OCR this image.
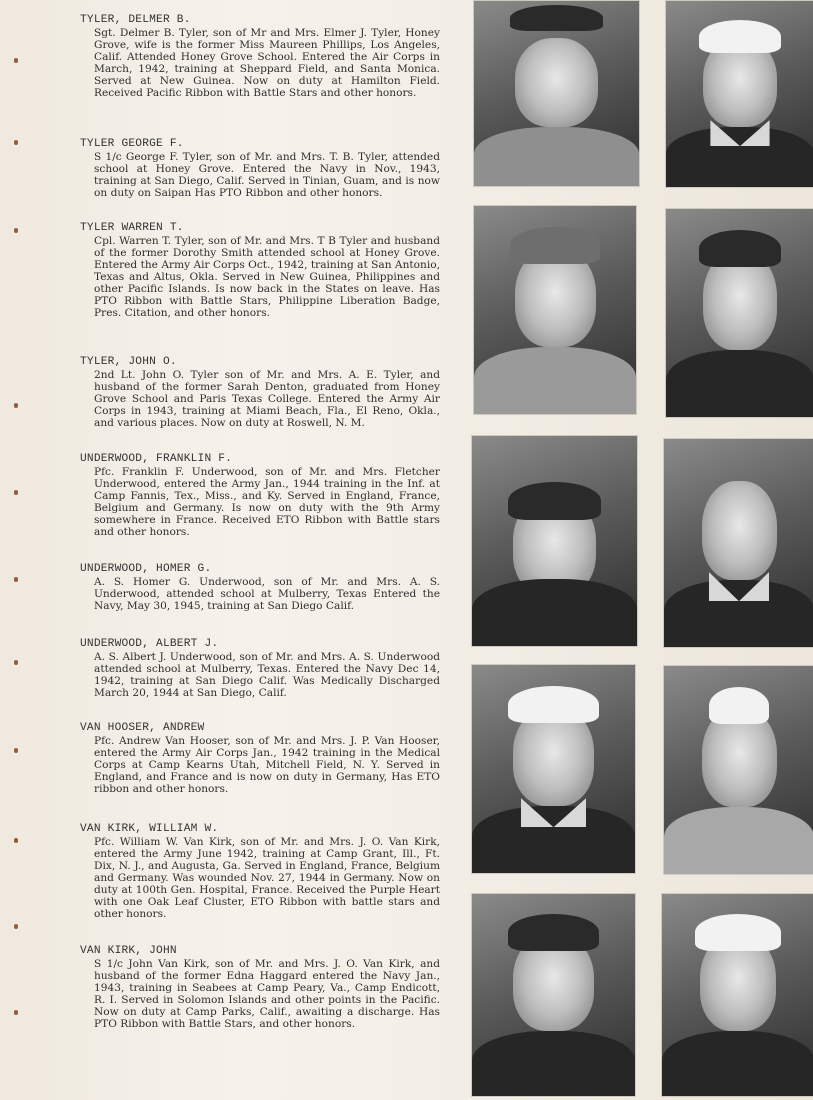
TYLER, DELMER B.
Sgt. Delmer B. Tyler, son of Mr and Mrs. Elmer J. Tyler, Honey Grove, wife is the former Miss Maureen Phillips, Los Angeles, Calif. Attended Honey Grove School. Entered the Air Corps in March, 1942, training at Sheppard Field, and Santa Monica. Served at New Guinea. Now on duty at Hamilton Field. Received Pacific Ribbon with Battle Stars and other honors.
TYLER GEORGE F.
S 1/c George F. Tyler, son of Mr. and Mrs. T. B. Tyler, attended school at Honey Grove. Entered the Navy in Nov., 1943, training at San Diego, Calif. Served in Tinian, Guam, and is now on duty on Saipan Has PTO Ribbon and other honors.
TYLER WARREN T.
Cpl. Warren T. Tyler, son of Mr. and Mrs. T B Tyler and husband of the former Dorothy Smith attended school at Honey Grove. Entered the Army Air Corps Oct., 1942, training at San Antonio, Texas and Altus, Okla. Served in New Guinea, Philippines and other Pacific Islands. Is now back in the States on leave. Has PTO Ribbon with Battle Stars, Philippine Liberation Badge, Pres. Citation, and other honors.
TYLER, JOHN O.
2nd Lt. John O. Tyler son of Mr. and Mrs. A. E. Tyler, and husband of the former Sarah Denton, graduated from Honey Grove School and Paris Texas College. Entered the Army Air Corps in 1943, training at Miami Beach, Fla., El Reno, Okla., and various places. Now on duty at Roswell, N. M.
UNDERWOOD, FRANKLIN F.
Pfc. Franklin F. Underwood, son of Mr. and Mrs. Fletcher Underwood, entered the Army Jan., 1944 training in the Inf. at Camp Fannis, Tex., Miss., and Ky. Served in England, France, Belgium and Germany. Is now on duty with the 9th Army somewhere in France. Received ETO Ribbon with Battle stars and other honors.
UNDERWOOD, HOMER G.
A. S. Homer G. Underwood, son of Mr. and Mrs. A. S. Underwood, attended school at Mulberry, Texas Entered the Navy, May 30, 1945, training at San Diego Calif.
UNDERWOOD, ALBERT J.
A. S. Albert J. Underwood, son of Mr. and Mrs. A. S. Underwood attended school at Mulberry, Texas. Entered the Navy Dec 14, 1942, training at San Diego Calif. Was Medically Discharged March 20, 1944 at San Diego, Calif.
VAN HOOSER, ANDREW
Pfc. Andrew Van Hooser, son of Mr. and Mrs. J. P. Van Hooser, entered the Army Air Corps Jan., 1942 training in the Medical Corps at Camp Kearns Utah, Mitchell Field, N. Y. Served in England, and France and is now on duty in Germany, Has ETO ribbon and other honors.
VAN KIRK, WILLIAM W.
Pfc. William W. Van Kirk, son of Mr. and Mrs. J. O. Van Kirk, entered the Army June 1942, training at Camp Grant, Ill., Ft. Dix, N. J., and Augusta, Ga. Served in England, France, Belgium and Germany. Was wounded Nov. 27, 1944 in Germany. Now on duty at 100th Gen. Hospital, France. Received the Purple Heart with one Oak Leaf Cluster, ETO Ribbon with battle stars and other honors.
VAN KIRK, JOHN
S 1/c John Van Kirk, son of Mr. and Mrs. J. O. Van Kirk, and husband of the former Edna Haggard entered the Navy Jan., 1943, training in Seabees at Camp Peary, Va., Camp Endicott, R. I. Served in Solomon Islands and other points in the Pacific. Now on duty at Camp Parks, Calif., awaiting a discharge. Has PTO Ribbon with Battle Stars, and other honors.
